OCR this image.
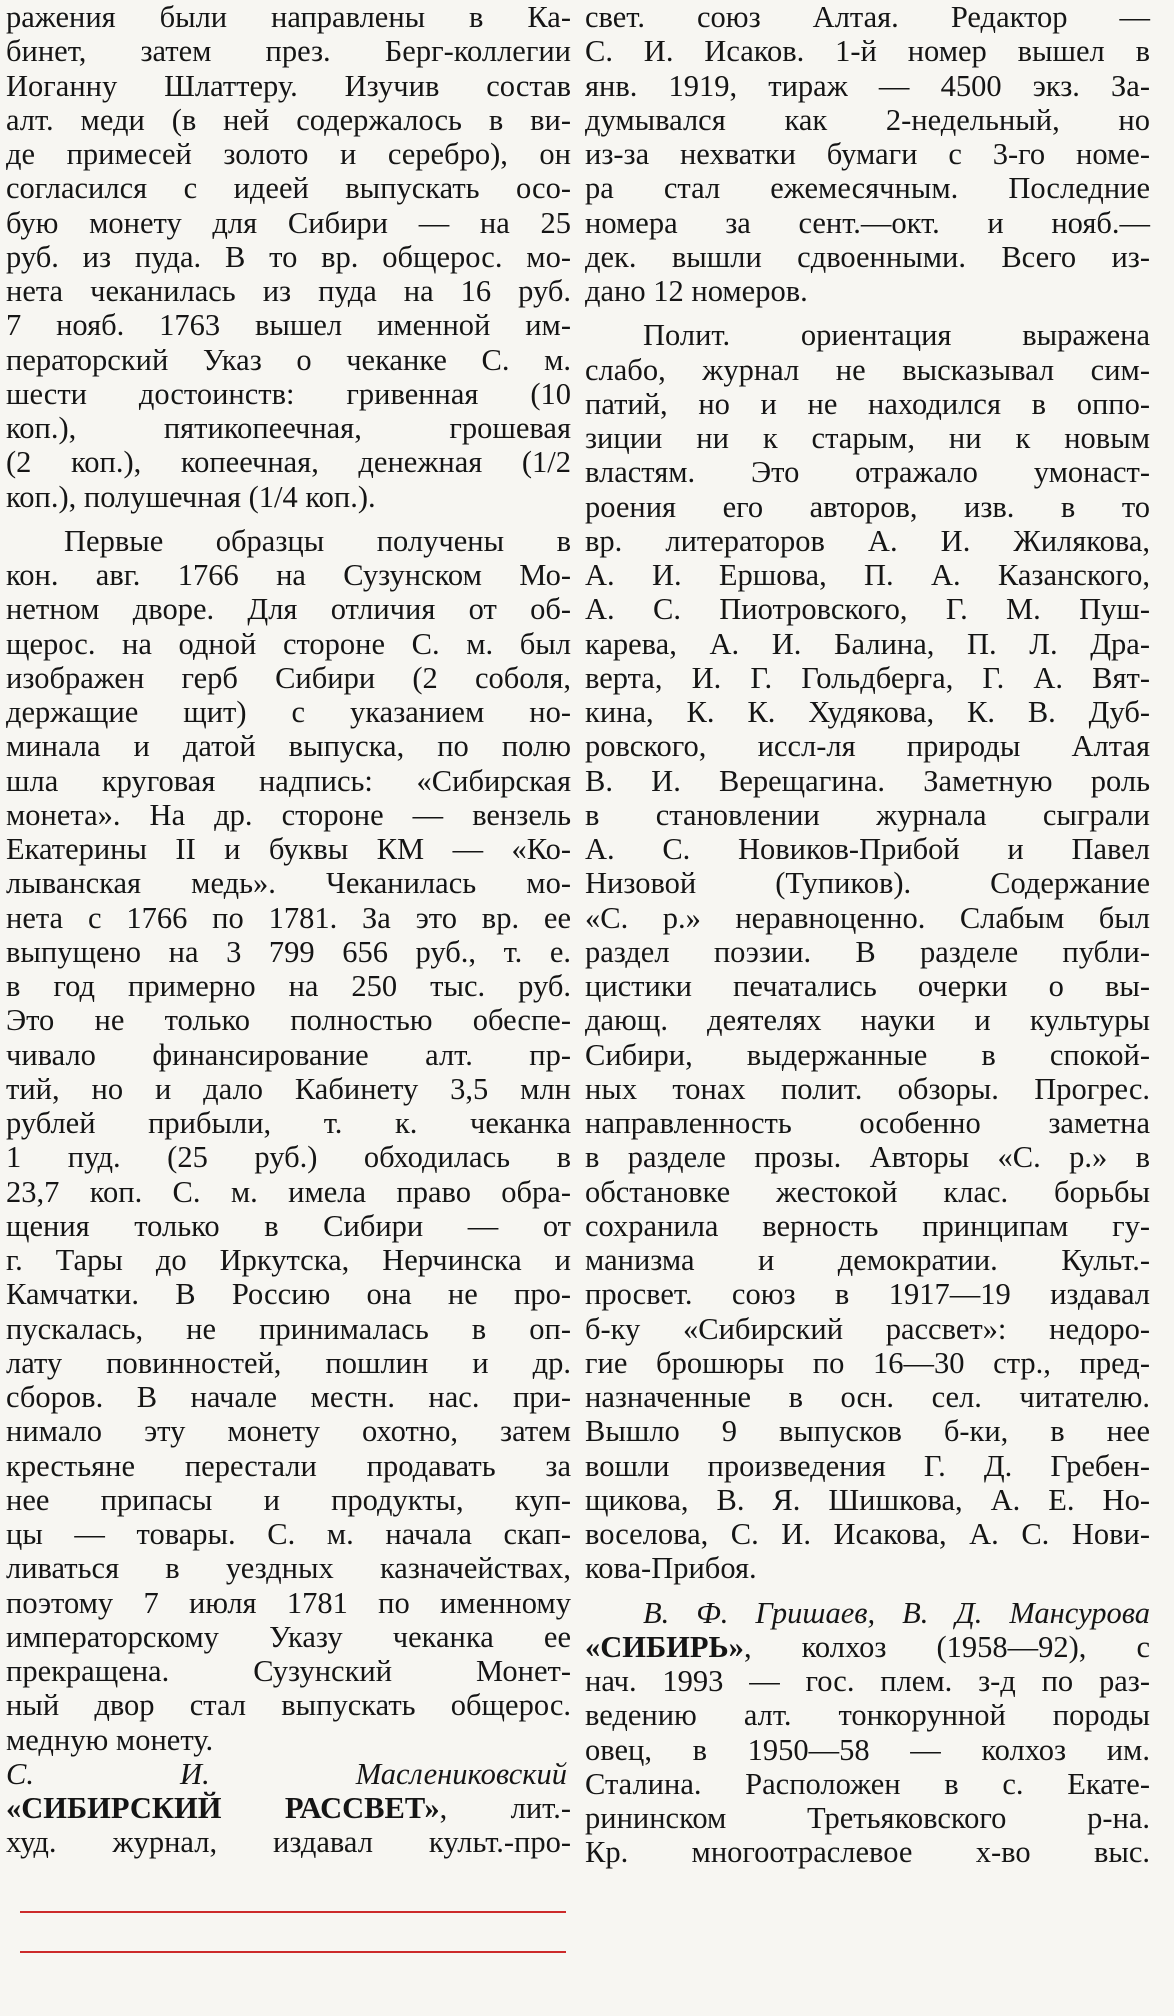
ражения были направлены в Ка-
бинет, затем през. Берг-коллегии
Иоганну Шлаттеру. Изучив состав
алт. меди (в ней содержалось в ви-
де примесей золото и серебро), он
согласился с идеей выпускать осо-
бую монету для Сибири — на 25
руб. из пуда. В то вр. общерос. мо-
нета чеканилась из пуда на 16 руб.
7 нояб. 1763 вышел именной им-
ператорский Указ о чеканке С. м.
шести достоинств: гривенная (10
коп.), пятикопеечная, грошевая
(2 коп.), копеечная, денежная (1/2
коп.), полушечная (1/4 коп.).
Первые образцы получены в
кон. авг. 1766 на Сузунском Мо-
нетном дворе. Для отличия от об-
щерос. на одной стороне С. м. был
изображен герб Сибири (2 соболя,
держащие щит) с указанием но-
минала и датой выпуска, по полю
шла круговая надпись: «Сибирская
монета». На др. стороне — вензель
Екатерины II и буквы КМ — «Ко-
лыванская медь». Чеканилась мо-
нета с 1766 по 1781. За это вр. ее
выпущено на 3 799 656 руб., т. е.
в год примерно на 250 тыс. руб.
Это не только полностью обеспе-
чивало финансирование алт. пр-
тий, но и дало Кабинету 3,5 млн
рублей прибыли, т. к. чеканка
1 пуд. (25 руб.) обходилась в
23,7 коп. С. м. имела право обра-
щения только в Сибири — от
г. Тары до Иркутска, Нерчинска и
Камчатки. В Россию она не про-
пускалась, не принималась в оп-
лату повинностей, пошлин и др.
сборов. В начале местн. нас. при-
нимало эту монету охотно, затем
крестьяне перестали продавать за
нее припасы и продукты, куп-
цы — товары. С. м. начала скап-
ливаться в уездных казначействах,
поэтому 7 июля 1781 по именному
императорскому Указу чеканка ее
прекращена. Сузунский Монет-
ный двор стал выпускать общерос.
медную монету.
С. И. Маслениковский
«СИБИРСКИЙ РАССВЕТ», лит.-
худ. журнал, издавал культ.-про-
свет. союз Алтая. Редактор —
С. И. Исаков. 1-й номер вышел в
янв. 1919, тираж — 4500 экз. За-
думывался как 2-недельный, но
из-за нехватки бумаги с 3-го номе-
ра стал ежемесячным. Последние
номера за сент.—окт. и нояб.—
дек. вышли сдвоенными. Всего из-
дано 12 номеров.
Полит. ориентация выражена
слабо, журнал не высказывал сим-
патий, но и не находился в оппо-
зиции ни к старым, ни к новым
властям. Это отражало умонаст-
роения его авторов, изв. в то
вр. литераторов А. И. Жилякова,
А. И. Ершова, П. А. Казанского,
А. С. Пиотровского, Г. М. Пуш-
карева, А. И. Балина, П. Л. Дра-
верта, И. Г. Гольдберга, Г. А. Вят-
кина, К. К. Худякова, К. В. Дуб-
ровского, иссл-ля природы Алтая
В. И. Верещагина. Заметную роль
в становлении журнала сыграли
А. С. Новиков-Прибой и Павел
Низовой (Тупиков). Содержание
«С. р.» неравноценно. Слабым был
раздел поэзии. В разделе публи-
цистики печатались очерки о вы-
дающ. деятелях науки и культуры
Сибири, выдержанные в спокой-
ных тонах полит. обзоры. Прогрес.
направленность особенно заметна
в разделе прозы. Авторы «С. р.» в
обстановке жестокой клас. борьбы
сохранила верность принципам гу-
манизма и демократии. Культ.-
просвет. союз в 1917—19 издавал
б-ку «Сибирский рассвет»: недоро-
гие брошюры по 16—30 стр., пред-
назначенные в осн. сел. читателю.
Вышло 9 выпусков б-ки, в нее
вошли произведения Г. Д. Гребен-
щикова, В. Я. Шишкова, А. Е. Но-
воселова, С. И. Исакова, А. С. Нови-
кова-Прибоя.
В. Ф. Гришаев, В. Д. Мансурова
«СИБИРЬ», колхоз (1958—92), с
нач. 1993 — гос. плем. з-д по раз-
ведению алт. тонкорунной породы
овец, в 1950—58 — колхоз им.
Сталина. Расположен в с. Екате-
рининском Третьяковского р-на.
Кр. многоотраслевое х-во выс.
